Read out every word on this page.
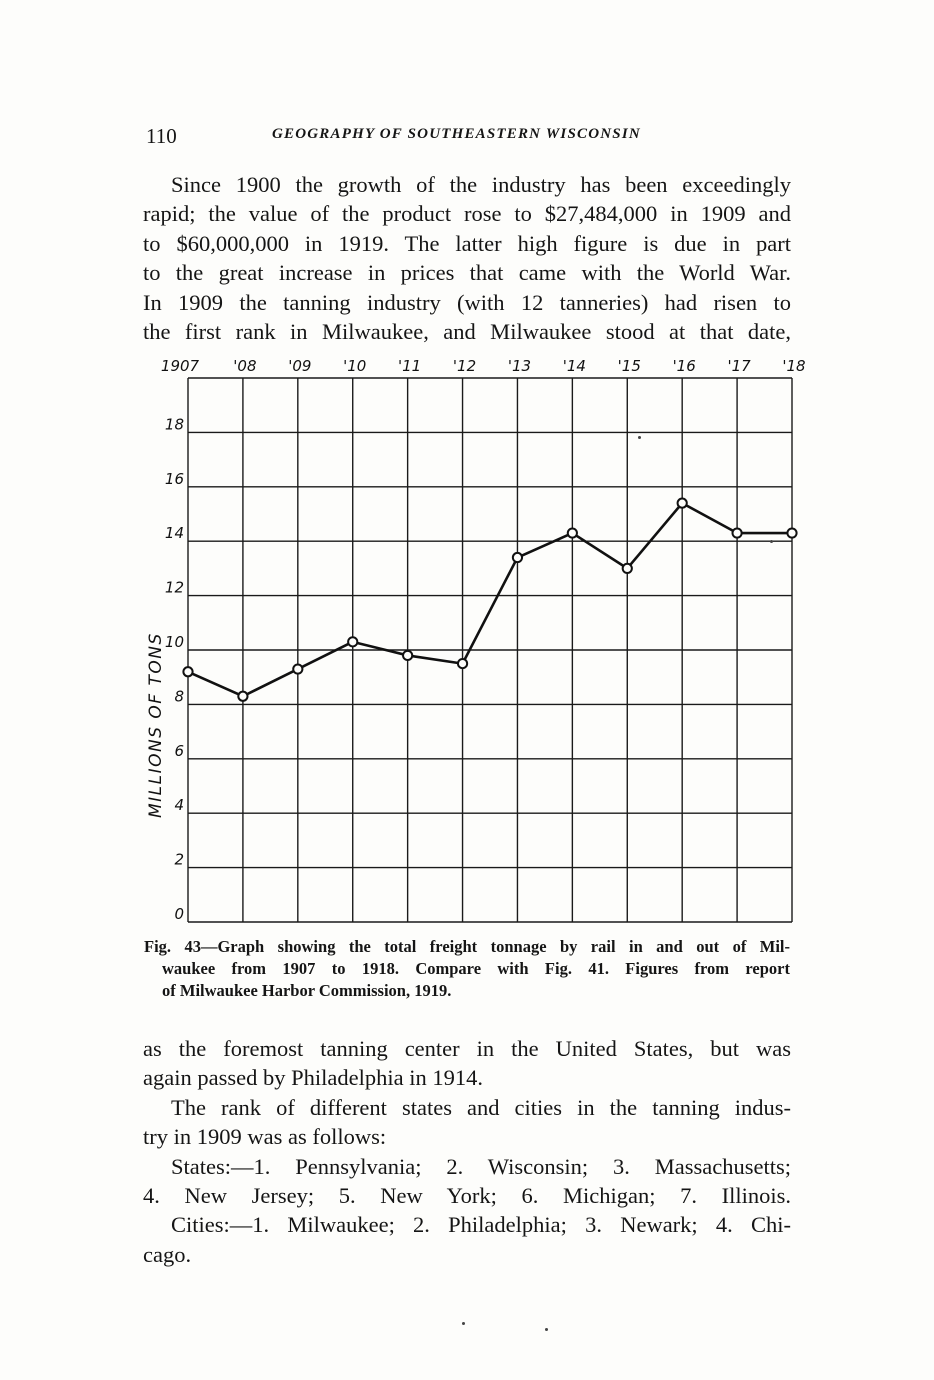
110	GEOGRAPHY OF SOUTHEASTERN WISCONSIN
Since 1900 the growth of the industry has been exceedingly
rapid; the value of the product rose to $27,484,000 in 1909 and
to $60,000,000 in 1919. The latter high figure is due in part
to the great increase in prices that came with the World War.
In 1909 the tanning industry (with 12 tanneries) had risen to
the first rank in Milwaukee, and Milwaukee stood at that date,
1907 '08 '09 '10 '11 '12 '13 '14 '15 '16 '17 '18
0
2
4
6
8
10
12
14
16
18
MILLIONS OF TONS
Fig. 43—Graph showing the total freight tonnage by rail in and out of Mil-
waukee from 1907 to 1918. Compare with Fig. 41. Figures from report
of Milwaukee Harbor Commission, 1919.
as the foremost tanning center in the United States, but was
again passed by Philadelphia in 1914.
The rank of different states and cities in the tanning indus-
try in 1909 was as follows:
States:—1. Pennsylvania; 2. Wisconsin; 3. Massachusetts;
4. New Jersey; 5. New York; 6. Michigan; 7. Illinois.
Cities:—1. Milwaukee; 2. Philadelphia; 3. Newark; 4. Chi-
cago.
